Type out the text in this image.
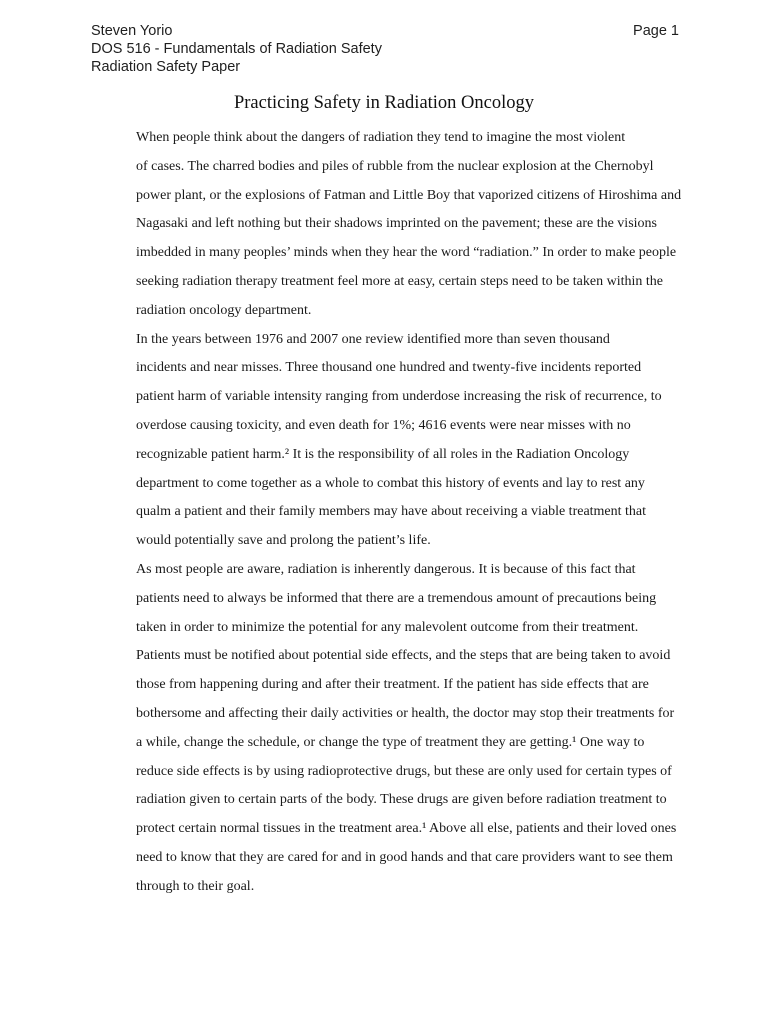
Steven Yorio
DOS 516 - Fundamentals of Radiation Safety
Radiation Safety Paper
Page 1
Practicing Safety in Radiation Oncology

When people think about the dangers of radiation they tend to imagine the most violent
of cases. The charred bodies and piles of rubble from the nuclear explosion at the Chernobyl
power plant, or the explosions of Fatman and Little Boy that vaporized citizens of Hiroshima and
Nagasaki and left nothing but their shadows imprinted on the pavement; these are the visions
imbedded in many peoples’ minds when they hear the word “radiation.” In order to make people
seeking radiation therapy treatment feel more at easy, certain steps need to be taken within the
radiation oncology department.

In the years between 1976 and 2007 one review identified more than seven thousand
incidents and near misses. Three thousand one hundred and twenty-five incidents reported
patient harm of variable intensity ranging from underdose increasing the risk of recurrence, to
overdose causing toxicity, and even death for 1%; 4616 events were near misses with no
recognizable patient harm.² It is the responsibility of all roles in the Radiation Oncology
department to come together as a whole to combat this history of events and lay to rest any
qualm a patient and their family members may have about receiving a viable treatment that
would potentially save and prolong the patient’s life.

As most people are aware, radiation is inherently dangerous. It is because of this fact that
patients need to always be informed that there are a tremendous amount of precautions being
taken in order to minimize the potential for any malevolent outcome from their treatment.
Patients must be notified about potential side effects, and the steps that are being taken to avoid
those from happening during and after their treatment. If the patient has side effects that are
bothersome and affecting their daily activities or health, the doctor may stop their treatments for
a while, change the schedule, or change the type of treatment they are getting.¹ One way to
reduce side effects is by using radioprotective drugs, but these are only used for certain types of
radiation given to certain parts of the body. These drugs are given before radiation treatment to
protect certain normal tissues in the treatment area.¹ Above all else, patients and their loved ones
need to know that they are cared for and in good hands and that care providers want to see them
through to their goal.
